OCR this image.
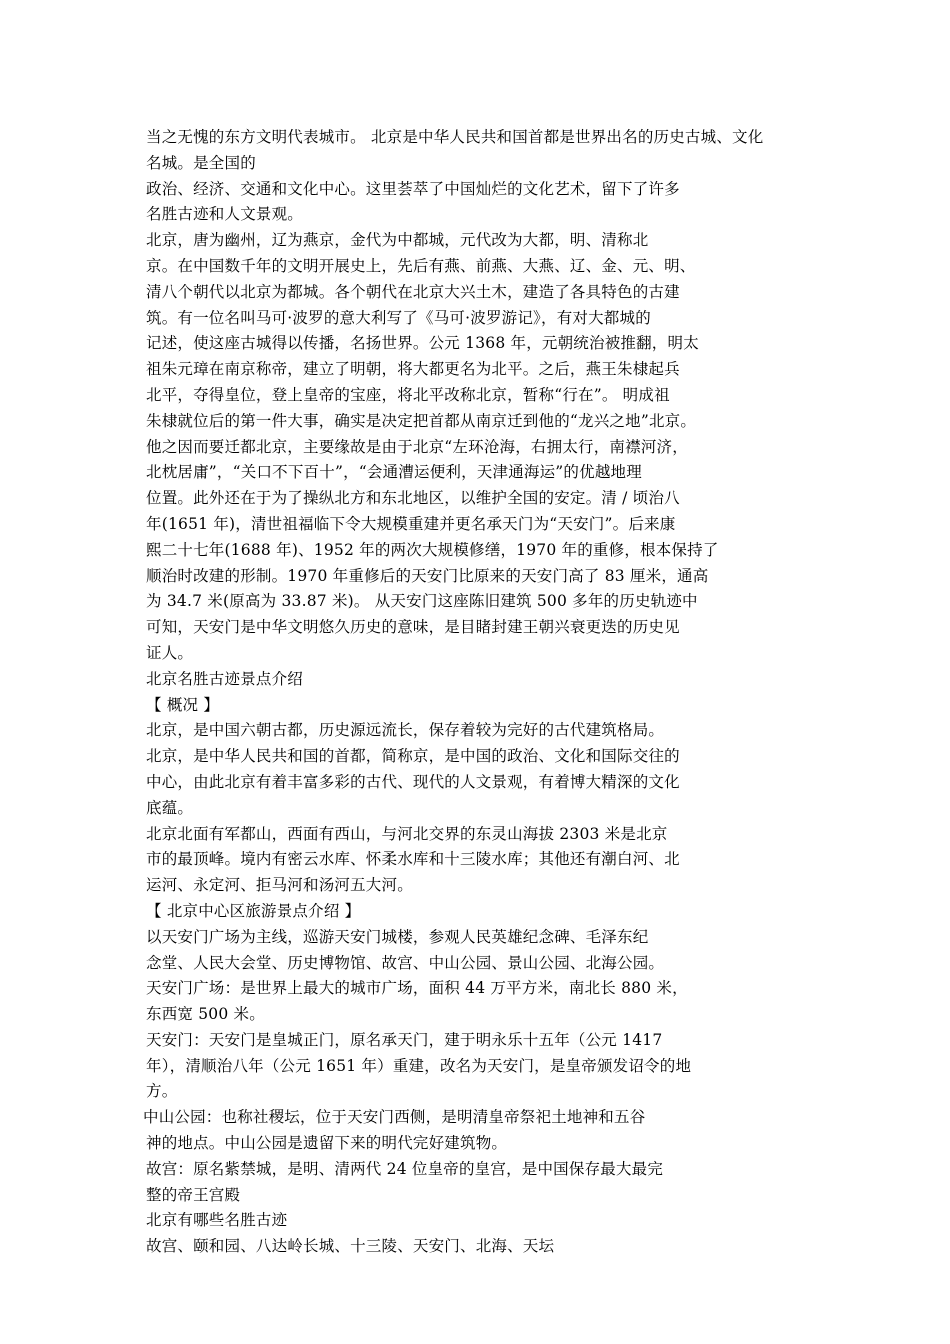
当之无愧的东方文明代表城市。 北京是中华人民共和国首都是世界出名的历史古城、文化
名城。是全国的
政治、经济、交通和文化中心。这里荟萃了中国灿烂的文化艺术，留下了许多
名胜古迹和人文景观。
北京，唐为幽州，辽为燕京，金代为中都城，元代改为大都，明、清称北
京。在中国数千年的文明开展史上，先后有燕、前燕、大燕、辽、金、元、明、
清八个朝代以北京为都城。各个朝代在北京大兴土木，建造了各具特色的古建
筑。有一位名叫马可·波罗的意大利写了《马可·波罗游记》，有对大都城的
记述，使这座古城得以传播，名扬世界。公元 1368 年，元朝统治被推翻，明太
祖朱元璋在南京称帝，建立了明朝，将大都更名为北平。之后，燕王朱棣起兵
北平，夺得皇位，登上皇帝的宝座，将北平改称北京，暂称“行在”。 明成祖
朱棣就位后的第一件大事，确实是决定把首都从南京迁到他的“龙兴之地”北京。
他之因而要迁都北京，主要缘故是由于北京“左环沧海，右拥太行，南襟河济，
北枕居庸”，“关口不下百十”，“会通漕运便利，天津通海运”的优越地理
位置。此外还在于为了操纵北方和东北地区，以维护全国的安定。清 / 顷治八
年(1651 年)，清世祖福临下令大规模重建并更名承天门为“天安门”。后来康
熙二十七年(1688 年)、1952 年的两次大规模修缮，1970 年的重修，根本保持了
顺治时改建的形制。1970 年重修后的天安门比原来的天安门高了 83 厘米，通高
为 34.7 米(原高为 33.87 米)。 从天安门这座陈旧建筑 500 多年的历史轨迹中
可知，天安门是中华文明悠久历史的意味，是目睹封建王朝兴衰更迭的历史见
证人。
北京名胜古迹景点介绍
【 概况 】
北京，是中国六朝古都，历史源远流长，保存着较为完好的古代建筑格局。
北京，是中华人民共和国的首都，简称京，是中国的政治、文化和国际交往的
中心，由此北京有着丰富多彩的古代、现代的人文景观，有着博大精深的文化
底蕴。
北京北面有军都山，西面有西山，与河北交界的东灵山海拔 2303 米是北京
市的最顶峰。境内有密云水库、怀柔水库和十三陵水库；其他还有潮白河、北
运河、永定河、拒马河和汤河五大河。
【 北京中心区旅游景点介绍 】
以天安门广场为主线，巡游天安门城楼，参观人民英雄纪念碑、毛泽东纪
念堂、人民大会堂、历史博物馆、故宫、中山公园、景山公园、北海公园。
天安门广场：是世界上最大的城市广场，面积 44 万平方米，南北长 880 米，
东西宽 500 米。
天安门：天安门是皇城正门，原名承天门，建于明永乐十五年（公元 1417
年），清顺治八年（公元 1651 年）重建，改名为天安门，是皇帝颁发诏令的地
方。
中山公园：也称社稷坛，位于天安门西侧，是明清皇帝祭祀土地神和五谷
神的地点。中山公园是遗留下来的明代完好建筑物。
故宫：原名紫禁城，是明、清两代 24 位皇帝的皇宫，是中国保存最大最完
整的帝王宫殿
北京有哪些名胜古迹
故宫、颐和园、八达岭长城、十三陵、天安门、北海、天坛
